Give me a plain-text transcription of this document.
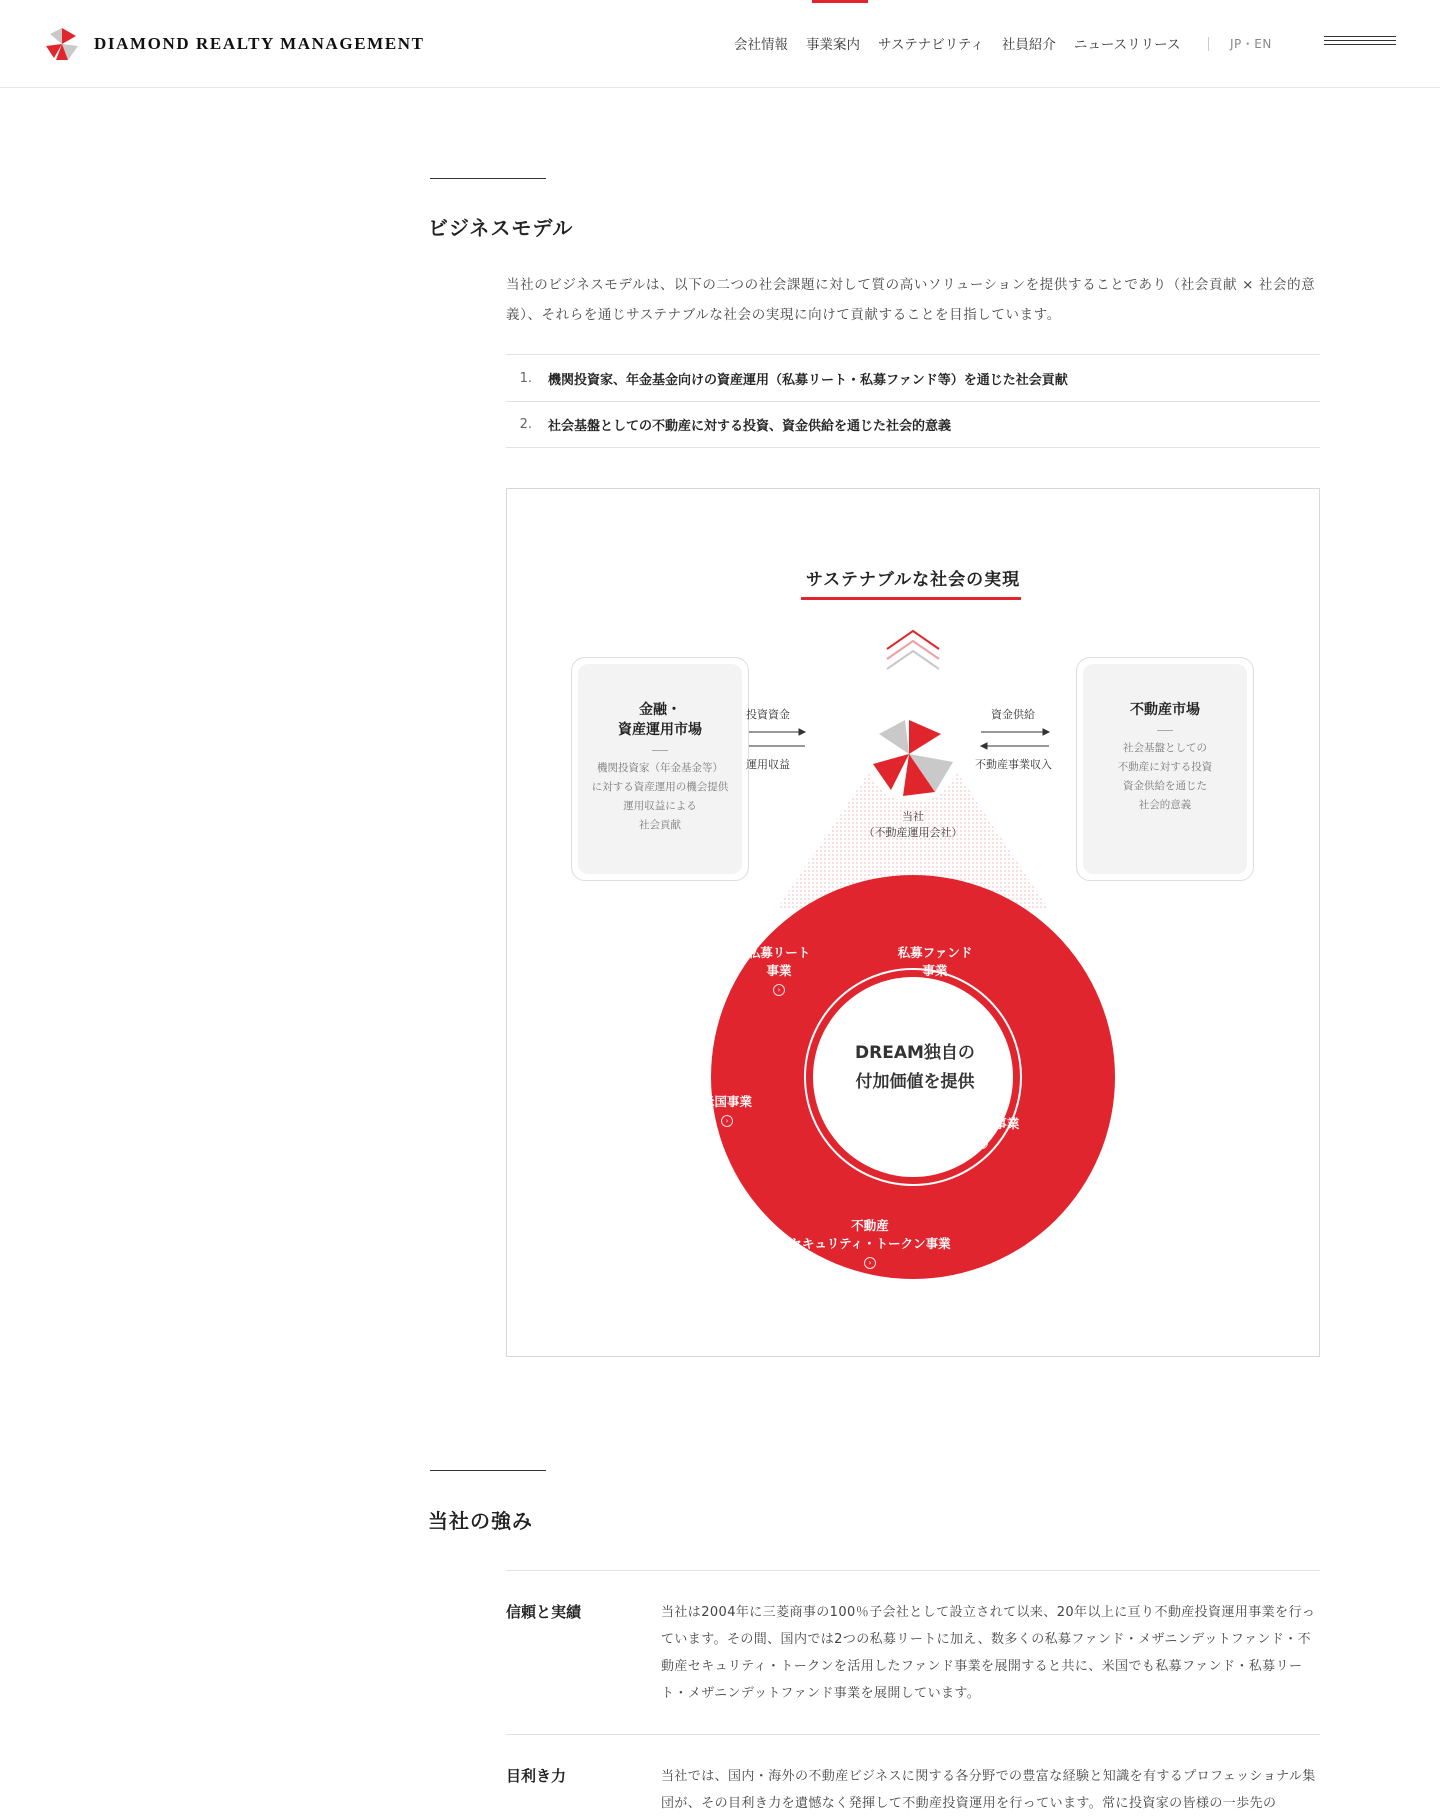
DIAMOND REALTY MANAGEMENT	会社情報 事業案内 サステナビリティ 社員紹介 ニュースリリース	JP・EN
ビジネスモデル

当社のビジネスモデルは、以下の二つの社会課題に対して質の高いソリューションを提供することであり（社会貢献 × 社会的意義）、それらを通じサステナブルな社会の実現に向けて貢献することを目指しています。

1.	機関投資家、年金基金向けの資産運用（私募リート・私募ファンド等）を通じた社会貢献
2.	社会基盤としての不動産に対する投資、資金供給を通じた社会的意義
サステナブルな社会の実現
金融・
資産運用市場
機関投資家（年金基金等）
に対する資産運用の機会提供
運用収益による
社会貢献
不動産市場
社会基盤としての
不動産に対する投資
資金供給を通じた
社会的意義
投資資金
運用収益
資金供給
不動産事業収入
当社
（不動産運用会社）

私募リート
事業
›

私募ファンド
事業
›

米国事業
›

メザニン
デット
ファンド事業
›

不動産
セキュリティ・トークン事業
›

DREAM独自の
付加価値を提供
当社の強み
信頼と実績	当社は2004年に三菱商事の100％子会社として設立されて以来、20年以上に亘り不動産投資運用事業を行っています。その間、国内では2つの私募リートに加え、数多くの私募ファンド・メザニンデットファンド・不動産セキュリティ・トークンを活用したファンド事業を展開すると共に、米国でも私募ファンド・私募リート・メザニンデットファンド事業を展開しています。

目利き力	当社では、国内・海外の不動産ビジネスに関する各分野での豊富な経験と知識を有するプロフェッショナル集団が、その目利き力を遺憾なく発揮して不動産投資運用を行っています。常に投資家の皆様の一歩先の
